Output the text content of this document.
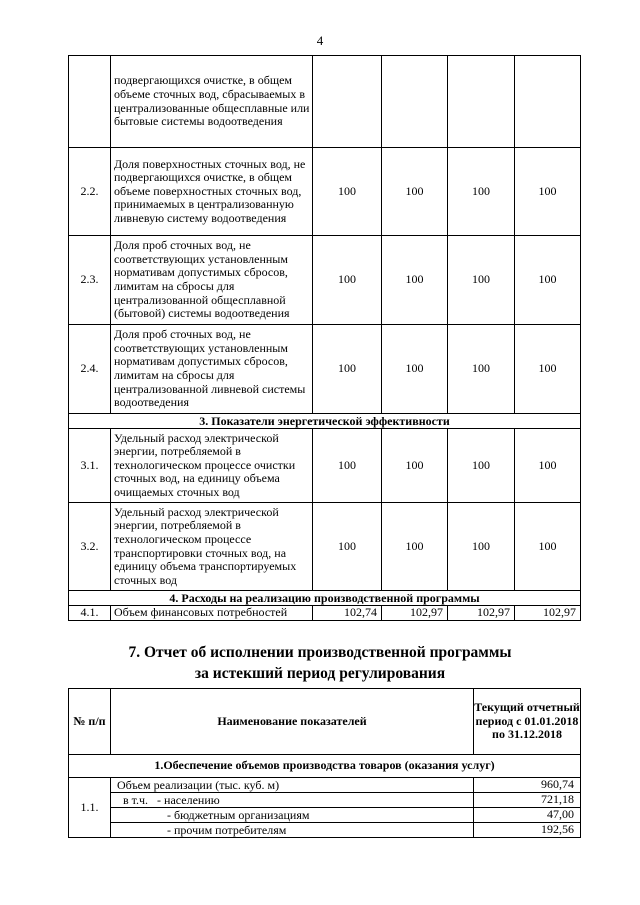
4
	подвергающихся очистке, в общем объеме сточных вод, сбрасываемых в централизованные общесплавные или бытовые системы водоотведения				
2.2.	Доля поверхностных сточных вод, не подвергающихся очистке, в общем объеме поверхностных сточных вод, принимаемых в централизованную ливневую систему водоотведения	100	100	100	100
2.3.	Доля проб сточных вод, не соответствующих установленным нормативам допустимых сбросов, лимитам на сбросы для централизованной общесплавной (бытовой) системы водоотведения	100	100	100	100
2.4.	Доля проб сточных вод, не соответствующих установленным нормативам допустимых сбросов, лимитам на сбросы для централизованной ливневой системы водоотведения	100	100	100	100
3. Показатели энергетической эффективности					
3.1.	Удельный расход электрической энергии, потребляемой в технологическом процессе очистки сточных вод, на единицу объема очищаемых сточных вод	100	100	100	100
3.2.	Удельный расход электрической энергии, потребляемой в технологическом процессе транспортировки сточных вод, на единицу объема транспортируемых сточных вод	100	100	100	100
4. Расходы на реализацию производственной программы					
4.1.	Объем финансовых потребностей	102,74	102,97	102,97	102,97
7. Отчет об исполнении производственной программы
за истекший период регулирования
№ п/п	Наименование показателей	Текущий отчетный период с 01.01.2018 по 31.12.2018
1.Обеспечение объемов производства товаров (оказания услуг)		
1.1.	Объем реализации (тыс. куб. м)	960,74
	в т.ч. - населению	721,18
	- бюджетным организациям	47,00
	- прочим потребителям	192,56
